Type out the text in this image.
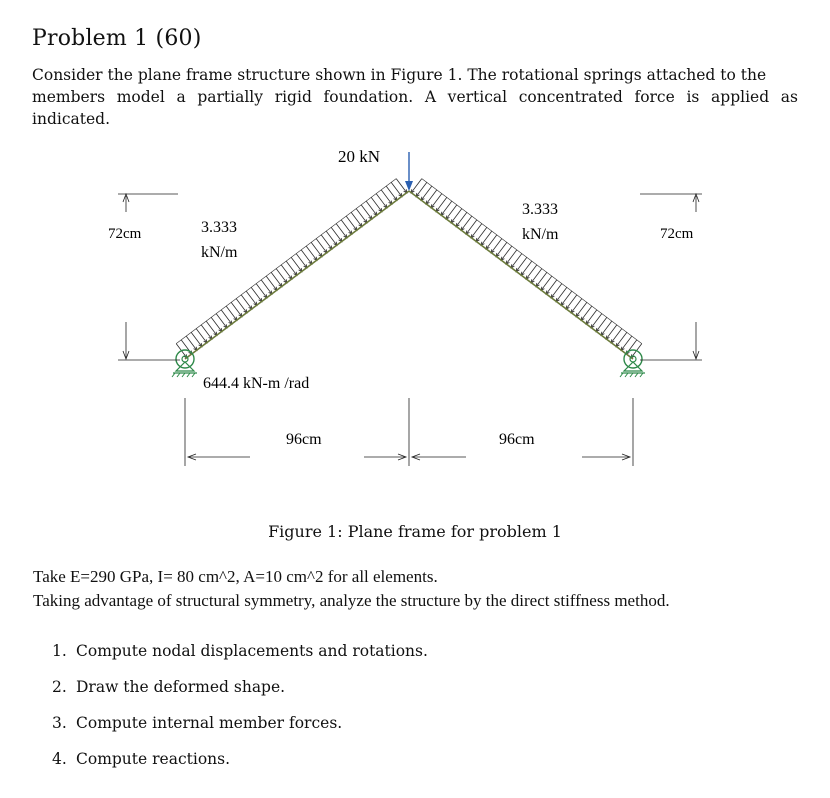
Problem 1 (60)
Consider the plane frame structure shown in Figure 1. The rotational springs attached to the
members model a partially rigid foundation. A vertical concentrated force is applied as indicated.
20 kN
72cm	72cm
3.333
kN/m
3.333
kN/m
644.4 kN-m /rad
96cm	96cm
Figure 1: Plane frame for problem 1
Take E=290 GPa, I= 80 cm^2, A=10 cm^2 for all elements.
Taking advantage of structural symmetry, analyze the structure by the direct stiffness method.
1. Compute nodal displacements and rotations.
2. Draw the deformed shape.
3. Compute internal member forces.
4. Compute reactions.
